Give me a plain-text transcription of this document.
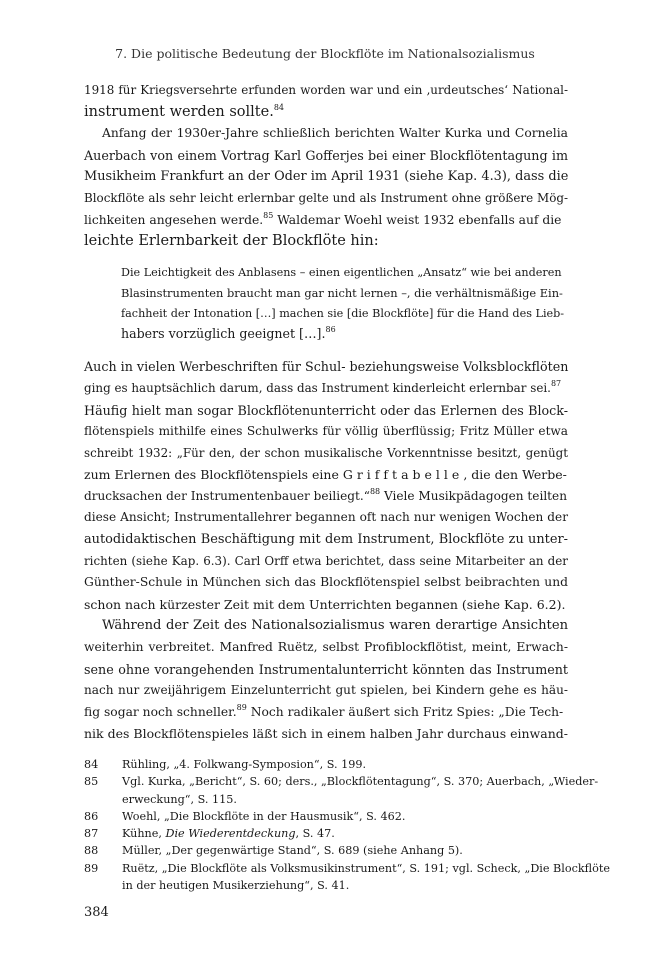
7. Die politische Bedeutung der Blockflöte im Nationalsozialismus
1918 für Kriegsversehrte erfunden worden war und ein ‚urdeutsches‘ National-
instrument werden sollte.$^{84}$
Anfang der 1930er-Jahre schließlich berichten Walter Kurka und Cornelia
Auerbach von einem Vortrag Karl Gofferjes bei einer Blockflötentagung im
Musikheim Frankfurt an der Oder im April 1931 (siehe Kap. 4.3), dass die
Blockflöte als sehr leicht erlernbar gelte und als Instrument ohne größere Mög-
lichkeiten angesehen werde.$^{85}$ Waldemar Woehl weist 1932 ebenfalls auf die
leichte Erlernbarkeit der Blockflöte hin:
Die Leichtigkeit des Anblasens – einen eigentlichen „Ansatz“ wie bei anderen
Blasinstrumenten braucht man gar nicht lernen –, die verhältnismäßige Ein-
fachheit der Intonation […] machen sie [die Blockflöte] für die Hand des Lieb-
habers vorzüglich geeignet […].$^{86}$
Auch in vielen Werbeschriften für Schul- beziehungsweise Volksblockflöten
ging es hauptsächlich darum, dass das Instrument kinderleicht erlernbar sei.$^{87}$
Häufig hielt man sogar Blockflötenunterricht oder das Erlernen des Block-
flötenspiels mithilfe eines Schulwerks für völlig überflüssig; Fritz Müller etwa
schreibt 1932: „Für den, der schon musikalische Vorkenntnisse besitzt, genügt
zum Erlernen des Blockflötenspiels eine Grifftabelle, die den Werbe-
drucksachen der Instrumentenbauer beiliegt.“$^{88}$ Viele Musikpädagogen teilten
diese Ansicht; Instrumentallehrer begannen oft nach nur wenigen Wochen der
autodidaktischen Beschäftigung mit dem Instrument, Blockflöte zu unter-
richten (siehe Kap. 6.3). Carl Orff etwa berichtet, dass seine Mitarbeiter an der
Günther-Schule in München sich das Blockflötenspiel selbst beibrachten und
schon nach kürzester Zeit mit dem Unterrichten begannen (siehe Kap. 6.2).
Während der Zeit des Nationalsozialismus waren derartige Ansichten
weiterhin verbreitet. Manfred Ruëtz, selbst Profiblockflötist, meint, Erwach-
sene ohne vorangehenden Instrumentalunterricht könnten das Instrument
nach nur zweijährigem Einzelunterricht gut spielen, bei Kindern gehe es häu-
fig sogar noch schneller.$^{89}$ Noch radikaler äußert sich Fritz Spies: „Die Tech-
nik des Blockflötenspieles läßt sich in einem halben Jahr durchaus einwand-
84	Rühling, „4. Folkwang-Symposion“, S. 199.
85	Vgl. Kurka, „Bericht“, S. 60; ders., „Blockflötentagung“, S. 370; Auerbach, „Wieder-
erweckung“, S. 115.
86	Woehl, „Die Blockflöte in der Hausmusik“, S. 462.
87	Kühne, Die Wiederentdeckung, S. 47.
88	Müller, „Der gegenwärtige Stand“, S. 689 (siehe Anhang 5).
89	Ruëtz, „Die Blockflöte als Volksmusikinstrument“, S. 191; vgl. Scheck, „Die Blockflöte
in der heutigen Musikerziehung“, S. 41.
384
